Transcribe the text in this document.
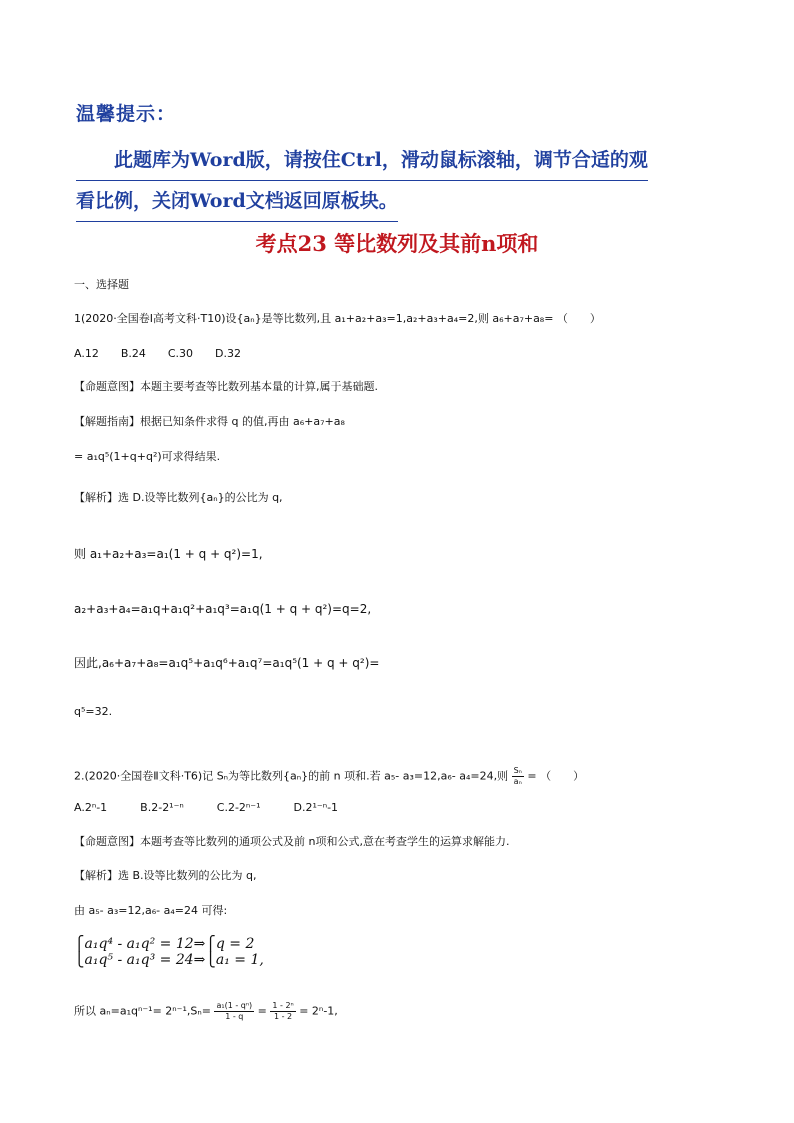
温馨提示：
此题库为Word版，请按住Ctrl，滑动鼠标滚轴，调节合适的观
看比例，关闭Word文档返回原板块。
考点23 等比数列及其前n项和
一、选择题
1(2020·全国卷Ⅰ高考文科·T10)设{aₙ}是等比数列,且 a₁+a₂+a₃=1,a₂+a₃+a₄=2,则 a₆+a₇+a₈= （　　）
A.12　　B.24　　C.30　　D.32
【命题意图】本题主要考查等比数列基本量的计算,属于基础题.
【解题指南】根据已知条件求得 q 的值,再由 a₆+a₇+a₈
= a₁q⁵(1+q+q²)可求得结果.
【解析】选 D.设等比数列{aₙ}的公比为 q,
则 a₁+a₂+a₃=a₁(1 + q + q²)=1,
a₂+a₃+a₄=a₁q+a₁q²+a₁q³=a₁q(1 + q + q²)=q=2,
因此,a₆+a₇+a₈=a₁q⁵+a₁q⁶+a₁q⁷=a₁q⁵(1 + q + q²)=
q⁵=32.
2.(2020·全国卷Ⅱ文科·T6)记 Sₙ为等比数列{aₙ}的前 n 项和.若 a₅- a₃=12,a₆- a₄=24,则 $\frac{\text{Sₙ}}{\text{aₙ}}$ = （　　）
A.2ⁿ-1　　　B.2-2¹⁻ⁿ　　　C.2-2ⁿ⁻¹　　　D.2¹⁻ⁿ-1
【命题意图】本题考查等比数列的通项公式及前 n项和公式,意在考查学生的运算求解能力.
【解析】选 B.设等比数列的公比为 q,
由 a₅- a₃=12,a₆- a₄=24 可得:
⎧a₁q⁴ - a₁q² = 12⇒⎧q = 2
⎩a₁q⁵ - a₁q³ = 24⇒⎩a₁ = 1,
所以 $a_n=a_1q^{n-1}= 2^{n-1},S_n= \frac{\text{a₁(1 - qⁿ)}}{1 - q} = \frac{\text{1 - 2ⁿ}}{1 - 2} = 2^n-1$,
